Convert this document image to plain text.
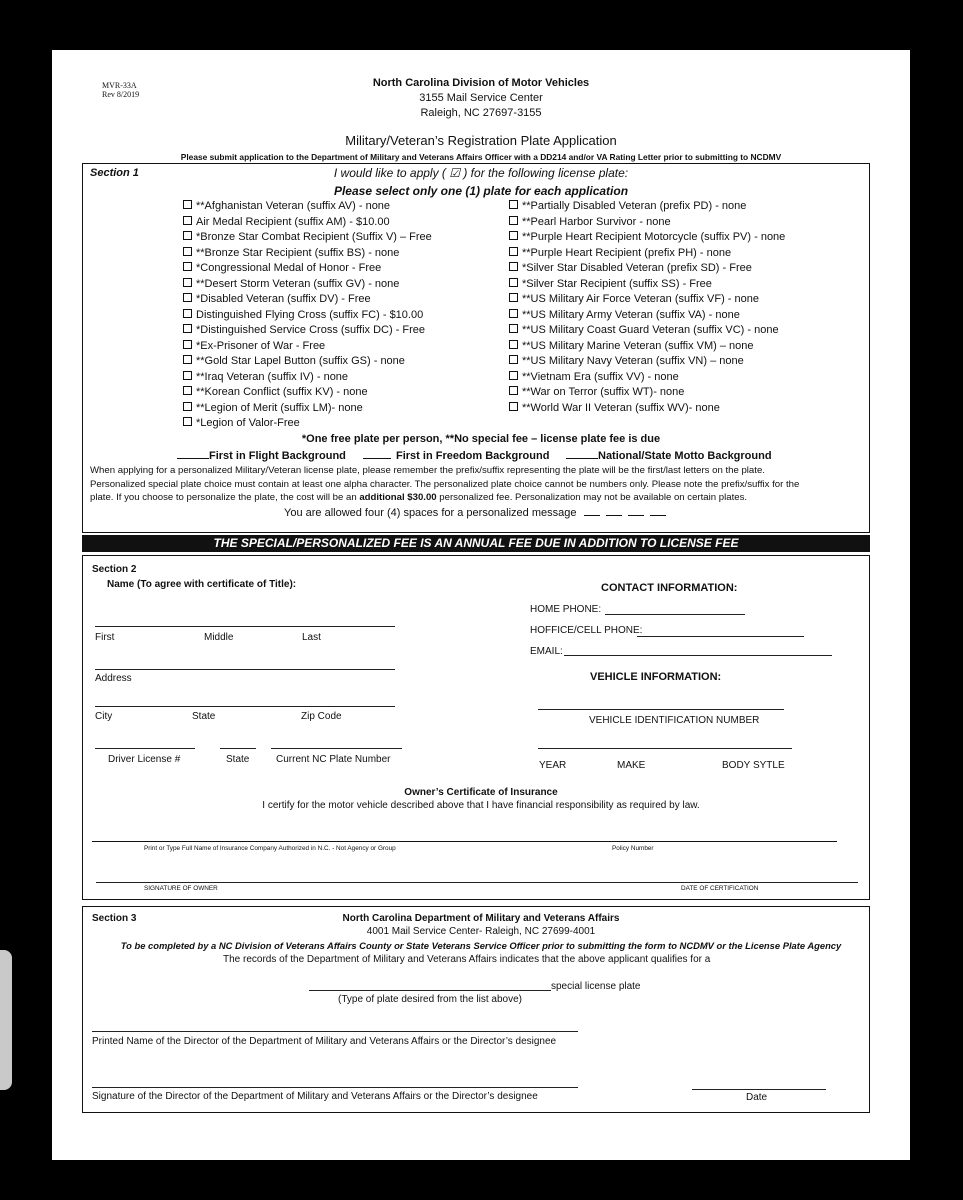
MVR-33A
Rev 8/2019
North Carolina Division of Motor Vehicles
3155 Mail Service Center
Raleigh, NC 27697-3155
Military/Veteran’s Registration Plate Application
Please submit application to the Department of Military and Veterans Affairs Officer with a DD214 and/or VA Rating Letter prior to submitting to NCDMV
Section 1	I would like to apply ( ☑ ) for the following license plate:
Please select only one (1) plate for each application
*One free plate per person, **No special fee – license plate fee is due
First in Flight Background	First in Freedom Background	National/State Motto Background
When applying for a personalized Military/Veteran license plate, please remember the prefix/suffix representing the plate will be the first/last letters on the plate.
Personalized special plate choice must contain at least one alpha character. The personalized plate choice cannot be numbers only. Please note the prefix/suffix for the
plate. If you choose to personalize the plate, the cost will be an additional $30.00 personalized fee. Personalization may not be available on certain plates.
You are allowed four (4) spaces for a personalized message
THE SPECIAL/PERSONALIZED FEE IS AN ANNUAL FEE DUE IN ADDITION TO LICENSE FEE
Section 2
Name (To agree with certificate of Title):
First	Middle	Last
Address
City	State	Zip Code
Driver License #	State	Current NC Plate Number
CONTACT INFORMATION:
HOME PHONE:
HOFFICE/CELL PHONE:
EMAIL:
VEHICLE INFORMATION:
VEHICLE IDENTIFICATION NUMBER
YEAR	MAKE	BODY SYTLE
Owner’s Certificate of Insurance
I certify for the motor vehicle described above that I have financial responsibility as required by law.
Print or Type Full Name of Insurance Company Authorized in N.C. - Not Agency or Group	Policy Number
SIGNATURE OF OWNER	DATE OF CERTIFICATION
Section 3	North Carolina Department of Military and Veterans Affairs
4001 Mail Service Center- Raleigh, NC 27699-4001
To be completed by a NC Division of Veterans Affairs County or State Veterans Service Officer prior to submitting the form to NCDMV or the License Plate Agency
The records of the Department of Military and Veterans Affairs indicates that the above applicant qualifies for a
special license plate
(Type of plate desired from the list above)
Printed Name of the Director of the Department of Military and Veterans Affairs or the Director’s designee
Signature of the Director of the Department of Military and Veterans Affairs or the Director’s designee	Date
**Afghanistan Veteran (suffix AV) - none
Air Medal Recipient (suffix AM) - $10.00
*Bronze Star Combat Recipient (Suffix V) – Free
**Bronze Star Recipient (suffix BS) - none
*Congressional Medal of Honor - Free
**Desert Storm Veteran (suffix GV) - none
*Disabled Veteran (suffix DV) - Free
Distinguished Flying Cross (suffix FC) - $10.00
*Distinguished Service Cross (suffix DC) - Free
*Ex-Prisoner of War - Free
**Gold Star Lapel Button (suffix GS) - none
**Iraq Veteran (suffix IV) - none
**Korean Conflict (suffix KV) - none
**Legion of Merit (suffix LM)- none
*Legion of Valor-Free
**Partially Disabled Veteran (prefix PD) - none
**Pearl Harbor Survivor - none
**Purple Heart Recipient Motorcycle (suffix PV) - none
**Purple Heart Recipient (prefix PH) - none
*Silver Star Disabled Veteran (prefix SD) - Free
*Silver Star Recipient (suffix SS) - Free
**US Military Air Force Veteran (suffix VF) - none
**US Military Army Veteran (suffix VA) - none
**US Military Coast Guard Veteran (suffix VC) - none
**US Military Marine Veteran (suffix VM) – none
**US Military Navy Veteran (suffix VN) – none
**Vietnam Era (suffix VV) - none
**War on Terror (suffix WT)- none
**World War II Veteran (suffix WV)- none
